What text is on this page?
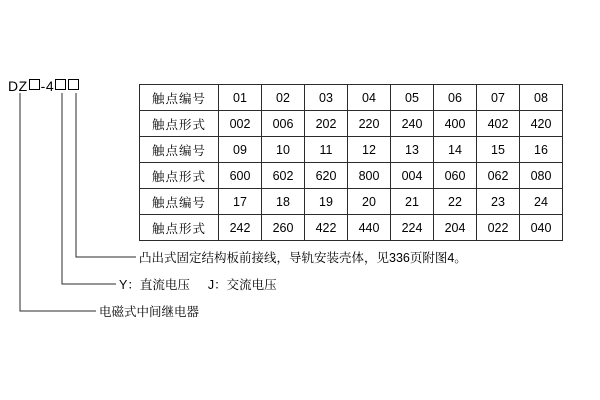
DZ -4
触点编号	01	02	03	04	05	06	07	08
触点形式	002	006	202	220	240	400	402	420
触点编号	09	10	11	12	13	14	15	16
触点形式	600	602	620	800	004	060	062	080
触点编号	17	18	19	20	21	22	23	24
触点形式	242	260	422	440	224	204	022	040
凸出式固定结构板前接线，导轨安装壳体，见336页附图4。
Y：直流电压 J：交流电压
电磁式中间继电器
